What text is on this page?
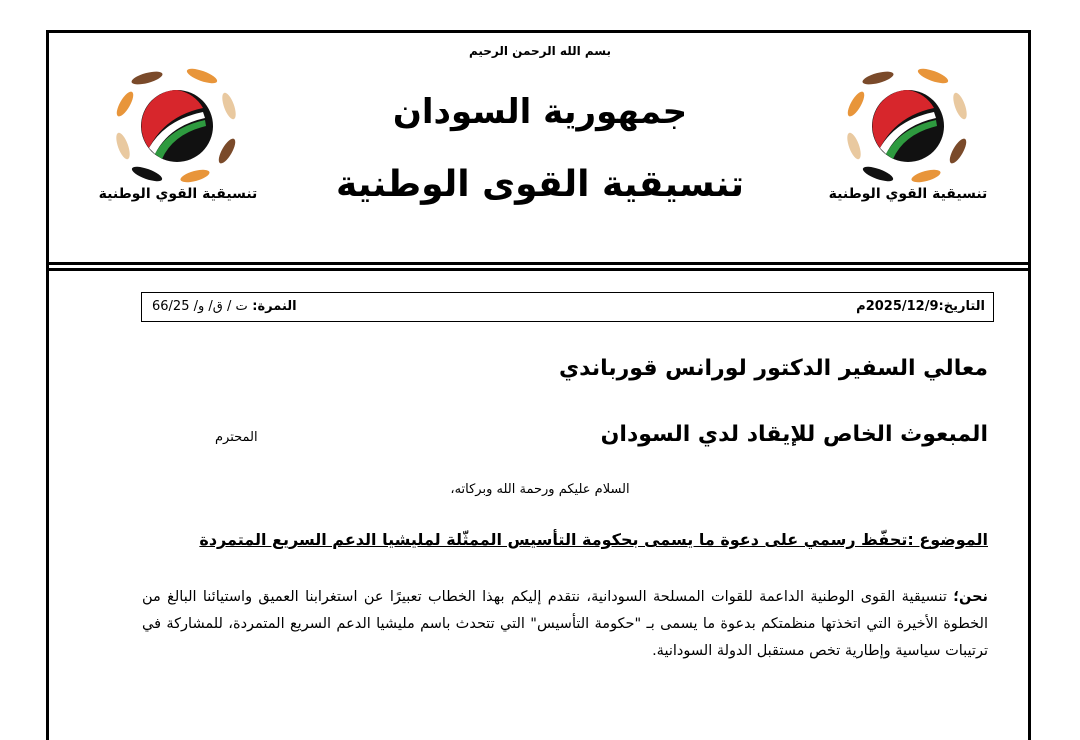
تنسيقية القوي الوطنية	تنسيقية القوي الوطنية
بسم الله الرحمن الرحيم
جمهورية السودان
تنسيقية القوى الوطنية
التاريخ:2025/12/9م
النمرة: ت / ق/ و/ 66/25
معالي السفير الدكتور لورانس قورباندي
المبعوث الخاص للإيقاد لدي السودان
المحترم
السلام عليكم ورحمة الله وبركاته،
الموضوع :تحفّظ رسمي على دعوة ما يسمى بحكومة التأسيس الممثّلة لمليشيا الدعم السريع المتمردة
نحن؛ تنسيقية القوى الوطنية الداعمة للقوات المسلحة السودانية، نتقدم إليكم بهذا الخطاب تعبيرًا عن استغرابنا العميق واستيائنا البالغ من الخطوة الأخيرة التي اتخذتها منظمتكم بدعوة ما يسمى بـ "حكومة التأسيس" التي تتحدث باسم مليشيا الدعم السريع المتمردة، للمشاركة في ترتيبات سياسية وإطارية تخص مستقبل الدولة السودانية.
